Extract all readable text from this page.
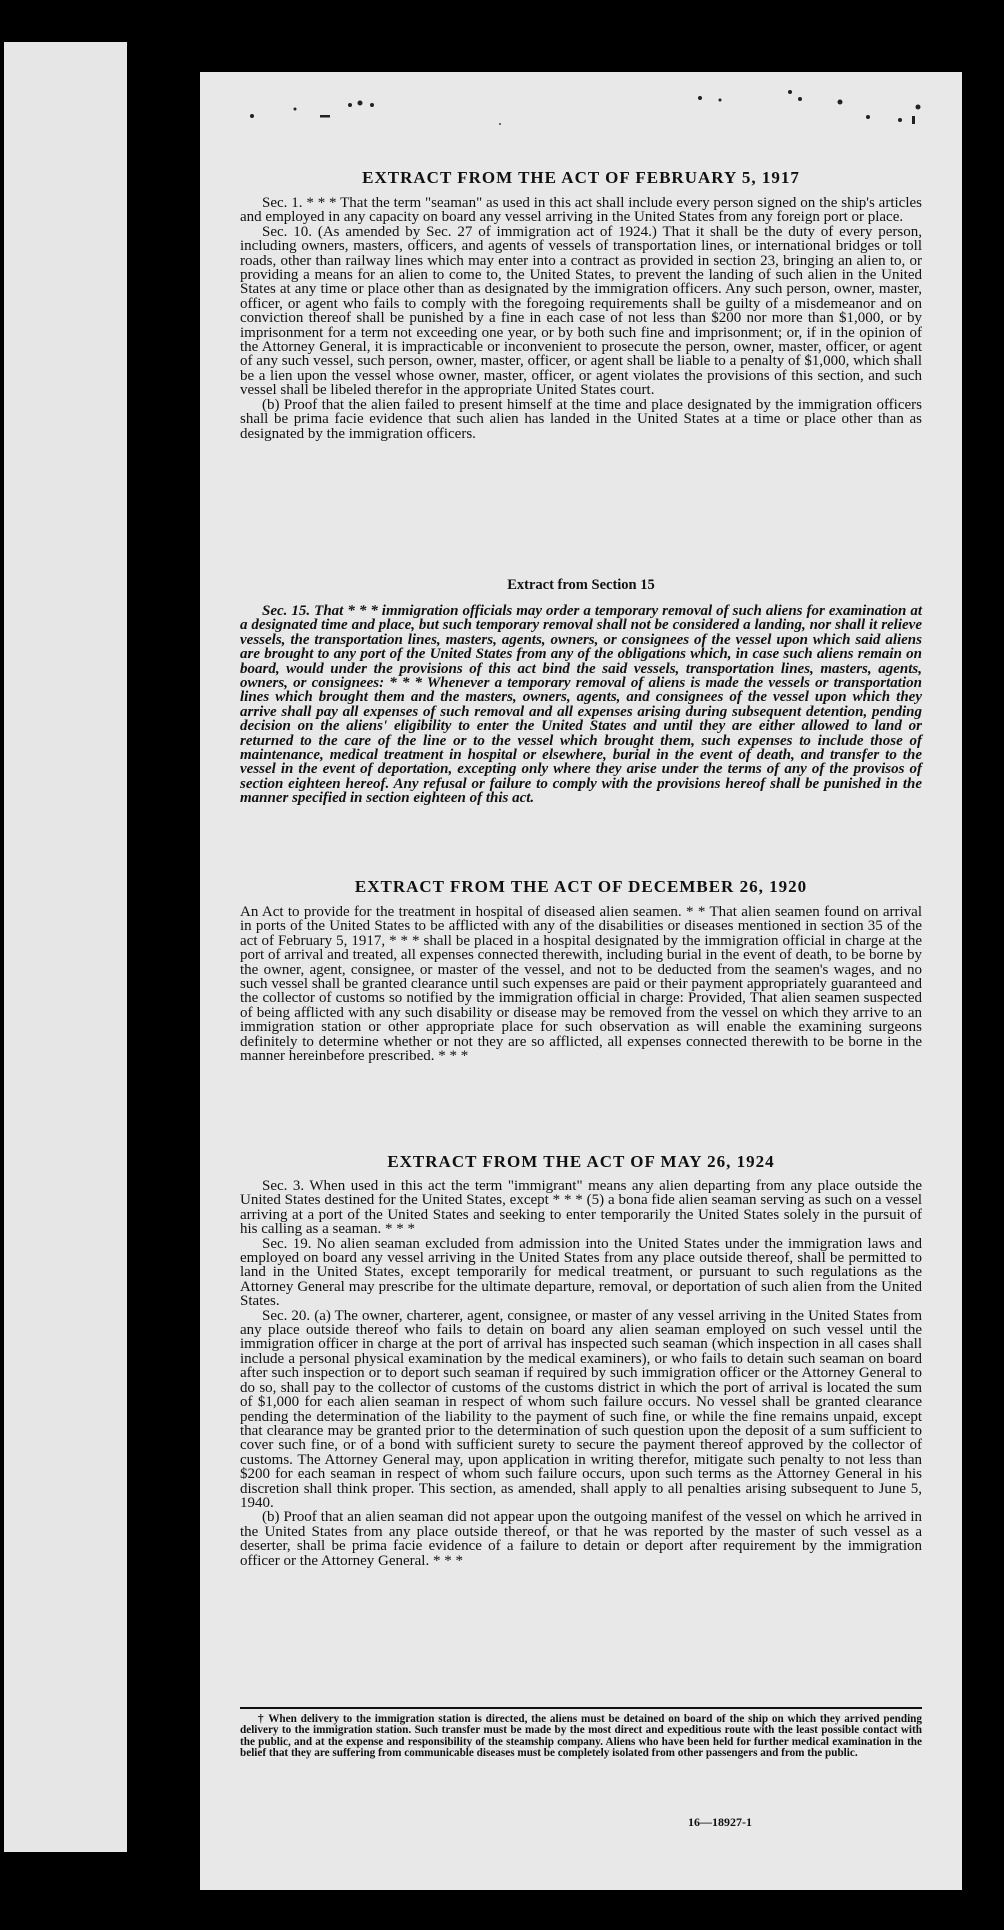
EXTRACT FROM THE ACT OF FEBRUARY 5, 1917

Sec. 1. * * * That the term "seaman" as used in this act shall include every person signed on the ship's articles and employed in any capacity on board any vessel arriving in the United States from any foreign port or place.

Sec. 10. (As amended by Sec. 27 of immigration act of 1924.) That it shall be the duty of every person, including owners, masters, officers, and agents of vessels of transportation lines, or international bridges or toll roads, other than railway lines which may enter into a contract as provided in section 23, bringing an alien to, or providing a means for an alien to come to, the United States, to prevent the landing of such alien in the United States at any time or place other than as designated by the immigration officers. Any such person, owner, master, officer, or agent who fails to comply with the foregoing requirements shall be guilty of a misdemeanor and on conviction thereof shall be punished by a fine in each case of not less than $200 nor more than $1,000, or by imprisonment for a term not exceeding one year, or by both such fine and imprisonment; or, if in the opinion of the Attorney General, it is impracticable or inconvenient to prosecute the person, owner, master, officer, or agent of any such vessel, such person, owner, master, officer, or agent shall be liable to a penalty of $1,000, which shall be a lien upon the vessel whose owner, master, officer, or agent violates the provisions of this section, and such vessel shall be libeled therefor in the appropriate United States court.

(b) Proof that the alien failed to present himself at the time and place designated by the immigration officers shall be prima facie evidence that such alien has landed in the United States at a time or place other than as designated by the immigration officers.

Extract from Section 15

Sec. 15. That * * * immigration officials may order a temporary removal of such aliens for examination at a designated time and place, but such temporary removal shall not be considered a landing, nor shall it relieve vessels, the transportation lines, masters, agents, owners, or consignees of the vessel upon which said aliens are brought to any port of the United States from any of the obligations which, in case such aliens remain on board, would under the provisions of this act bind the said vessels, transportation lines, masters, agents, owners, or consignees: * * * Whenever a temporary removal of aliens is made the vessels or transportation lines which brought them and the masters, owners, agents, and consignees of the vessel upon which they arrive shall pay all expenses of such removal and all expenses arising during subsequent detention, pending decision on the aliens' eligibility to enter the United States and until they are either allowed to land or returned to the care of the line or to the vessel which brought them, such expenses to include those of maintenance, medical treatment in hospital or elsewhere, burial in the event of death, and transfer to the vessel in the event of deportation, excepting only where they arise under the terms of any of the provisos of section eighteen hereof. Any refusal or failure to comply with the provisions hereof shall be punished in the manner specified in section eighteen of this act.

EXTRACT FROM THE ACT OF DECEMBER 26, 1920

An Act to provide for the treatment in hospital of diseased alien seamen. * * That alien seamen found on arrival in ports of the United States to be afflicted with any of the disabilities or diseases mentioned in section 35 of the act of February 5, 1917, * * * shall be placed in a hospital designated by the immigration official in charge at the port of arrival and treated, all expenses connected therewith, including burial in the event of death, to be borne by the owner, agent, consignee, or master of the vessel, and not to be deducted from the seamen's wages, and no such vessel shall be granted clearance until such expenses are paid or their payment appropriately guaranteed and the collector of customs so notified by the immigration official in charge: Provided, That alien seamen suspected of being afflicted with any such disability or disease may be removed from the vessel on which they arrive to an immigration station or other appropriate place for such observation as will enable the examining surgeons definitely to determine whether or not they are so afflicted, all expenses connected therewith to be borne in the manner hereinbefore prescribed. * * *

EXTRACT FROM THE ACT OF MAY 26, 1924

Sec. 3. When used in this act the term "immigrant" means any alien departing from any place outside the United States destined for the United States, except * * * (5) a bona fide alien seaman serving as such on a vessel arriving at a port of the United States and seeking to enter temporarily the United States solely in the pursuit of his calling as a seaman. * * *

Sec. 19. No alien seaman excluded from admission into the United States under the immigration laws and employed on board any vessel arriving in the United States from any place outside thereof, shall be permitted to land in the United States, except temporarily for medical treatment, or pursuant to such regulations as the Attorney General may prescribe for the ultimate departure, removal, or deportation of such alien from the United States.

Sec. 20. (a) The owner, charterer, agent, consignee, or master of any vessel arriving in the United States from any place outside thereof who fails to detain on board any alien seaman employed on such vessel until the immigration officer in charge at the port of arrival has inspected such seaman (which inspection in all cases shall include a personal physical examination by the medical examiners), or who fails to detain such seaman on board after such inspection or to deport such seaman if required by such immigration officer or the Attorney General to do so, shall pay to the collector of customs of the customs district in which the port of arrival is located the sum of $1,000 for each alien seaman in respect of whom such failure occurs. No vessel shall be granted clearance pending the determination of the liability to the payment of such fine, or while the fine remains unpaid, except that clearance may be granted prior to the determination of such question upon the deposit of a sum sufficient to cover such fine, or of a bond with sufficient surety to secure the payment thereof approved by the collector of customs. The Attorney General may, upon application in writing therefor, mitigate such penalty to not less than $200 for each seaman in respect of whom such failure occurs, upon such terms as the Attorney General in his discretion shall think proper. This section, as amended, shall apply to all penalties arising subsequent to June 5, 1940.

(b) Proof that an alien seaman did not appear upon the outgoing manifest of the vessel on which he arrived in the United States from any place outside thereof, or that he was reported by the master of such vessel as a deserter, shall be prima facie evidence of a failure to detain or deport after requirement by the immigration officer or the Attorney General. * * *

† When delivery to the immigration station is directed, the aliens must be detained on board of the ship on which they arrived pending delivery to the immigration station. Such transfer must be made by the most direct and expeditious route with the least possible contact with the public, and at the expense and responsibility of the steamship company. Aliens who have been held for further medical examination in the belief that they are suffering from communicable diseases must be completely isolated from other passengers and from the public.

16—18927-1
